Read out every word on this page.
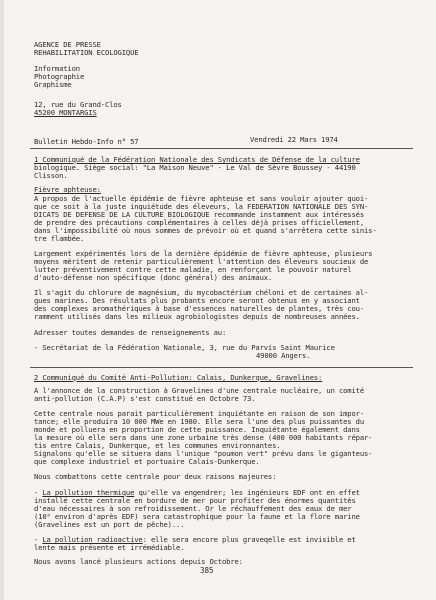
AGENCE DE PRESSE
REHABILITATION ECOLOGIQUE
Information
Photographie
Graphisme
12, rue du Grand-Clos
45200 MONTARGIS
Bulletin Hebdo-Info n° 57	Vendredi 22 Mars 1974
1 Communiqué de la Fédération Nationale des Syndicats de Défense de la culture
biologique. Siège social: "La Maison Neuve" - Le Val de Sèvre Boussey - 44190
Clisson.
Fièvre aphteuse:
A propos de l'actuelle épidémie de fièvre aphteuse et sans vouloir ajouter quoi-
que ce soit à la juste inquiétude des éleveurs, la FEDERATION NATIONALE DES SYN-
DICATS DE DEFENSE DE LA CULTURE BIOLOGIQUE recommande instamment aux intéressés
de prendre des précautions complémentaires à celles déjà prises officiellement,
dans l'impossibilité où nous sommes de prévoir où et quand s'arrêtera cette sinis-
tre flambée.
Largement expérimentés lors de la dernière épidémie de fièvre aphteuse, plusieurs
moyens méritent de retenir particulièrement l'attention des éleveurs soucieux de
lutter préventivement contre cette maladie, en renforçant le pouvoir naturel
d'auto-défense non spécifique (donc général) des animaux.
Il s'agit du chlorure de magnésium, du mycobactérium chéloni et de certaines al-
gues marines. Des résultats plus probants encore seront obtenus en y associant
des complexes aromathériques à base d'essences naturelles de plantes, très cou-
ramment utilisés dans les milieux agrobiologistes depuis de nombreuses années.
Adresser toutes demandes de renseignements au:
- Secrétariat de la Fédération Nationale, 3, rue du Parvis Saint Maurice
49000 Angers.
2 Communiqué du Comité Anti-Pollution: Calais, Dunkerque, Gravelines:
A l'annonce de la construction à Gravelines d'une centrale nucléaire, un comité
anti-pollution (C.A.P) s'est constitué en Octobre 73.
Cette centrale nous parait particulièrement inquiétante en raison de son impor-
tance; elle produira 10 000 MWe en 1980. Elle sera l'une des plus puissantes du
monde et polluera en proportion de cette puissance. Inquiétante également dans
la mesure où elle sera dans une zone urbaine très dense (400 000 habitants répar-
tis entre Calais, Dunkerque, et les communes environnantes.
Signalons qu'elle se situera dans l'unique "poumon vert" prévu dans le giganteus-
que complexe industriel et portuaire Calais-Dunkerque.
Nous combattons cette centrale pour deux raisons majeures:
- La pollution thermique qu'elle va engendrer; les ingénieurs EDF ont en effet
installé cette centrale en bordure de mer pour profiter des énormes quantités
d'eau nécessaires à son refroidissement. Or le réchauffement des eaux de mer
(10⁰ environ d'après EDF) sera catastrophique pour la faune et la flore marine
(Gravelines est un port de pêche)...
- La pollution radioactive: elle sera encore plus graveqelle est invisible et
lente mais présente et irrémédiable.
Nous avons lancé plusieurs actions depuis Octobre:
385
